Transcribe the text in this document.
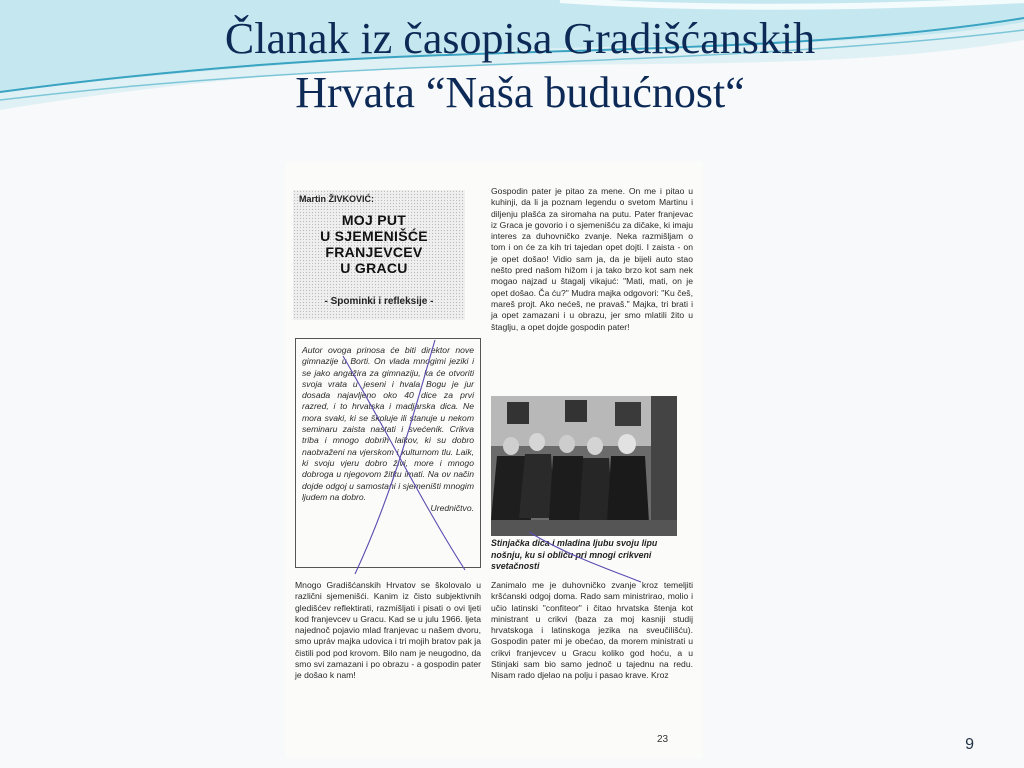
Članak iz časopisa Gradišćanskih
Hrvata “Naša budućnost“
Martin ŽIVKOVIĆ:
MOJ PUT
U SJEMENIŠĆE
FRANJEVCEV
U GRACU
- Spominki i refleksije -
Autor ovoga prinosa će biti direktor nove gimnazije u Borti. On vlada mnogimi jeziki i se jako angažira za gimnaziju, ka će otvoriti svoja vrata u jeseni i hvala Bogu je jur dosada najavljeno oko 40 dice za prvi razred, i to hrvatska i madjarska dica. Ne mora svaki, ki se školuje ili stanuje u nekom seminaru zaista nastati i svećenik. Crikva triba i mnogo dobrih laikov, ki su dobro naobraženi na vjerskom i kulturnom tlu. Laik, ki svoju vjeru dobro živi, more i mnogo dobroga u njegovom žitku imati. Na ov način dojde odgoj u samostani i sjemeništi mnogim ljudem na dobro.
Uredničtvo.
Mnogo Gradišćanskih Hrvatov se školovalo u različni sjemenišći. Kanim iz čisto subjektivnih gledišćev reflektirati, razmišljati i pisati o ovi ljeti kod franjevcev u Gracu. Kad se u julu 1966. ljeta najednoč pojavio mlad franjevac u našem dvoru, smo upráv majka udovica i tri mojih bratov pak ja čistili pod pod krovom. Bilo nam je neugodno, da smo svi zamazani i po obrazu - a gospodin pater je došao k nam!
Gospodin pater je pitao za mene. On me i pitao u kuhinji, da li ja poznam legendu o svetom Martinu i diljenju plašća za siromaha na putu. Pater franjevac iz Graca je govorio i o sjemenišću za dičake, ki imaju interes za duhovničko zvanje. Neka razmišljam o tom i on će za kih tri tajedan opet dojti. I zaista - on je opet došao! Vidio sam ja, da je bijeli auto stao nešto pred našom hižom i ja tako brzo kot sam nek mogao najzad u štagalj vikajuć: "Mati, mati, on je opet došao. Ča ću?" Mudra majka odgovori: "Ku češ, mareš projt. Ako nećeš, ne pravaš." Majka, tri brati i ja opet zamazani i u obrazu, jer smo mlatili žito u štaglju, a opet dojde gospodin pater!
Stinjačka dica i mladina ljubu svoju lipu nošnju, ku si obliču pri mnogi crikveni svetačnosti
Zanimalo me je duhovničko zvanje kroz temeljiti kršćanski odgoj doma. Rado sam ministrirao, molio i učio latinski "confiteor" i čitao hrvatska štenja kot ministrant u crikvi (baza za moj kasniji studij hrvatskoga i latinskoga jezika na sveučilišću). Gospodin pater mi je obećao, da morem ministrati u crikvi franjevcev u Gracu koliko god hoću, a u Stinjaki sam bio samo jednoč u tajednu na redu. Nisam rado djelao na polju i pasao krave. Kroz
23	9
